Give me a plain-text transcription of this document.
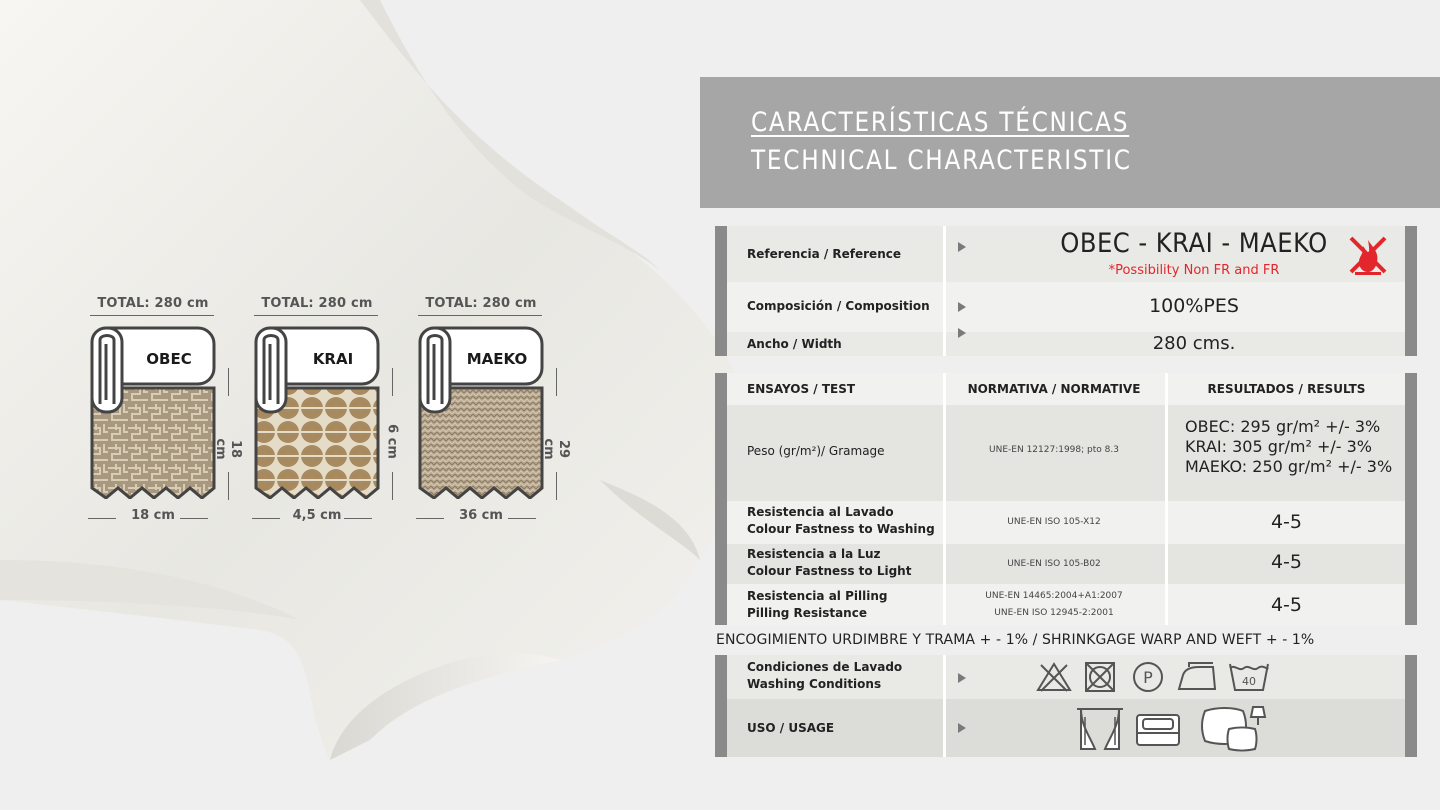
TOTAL: 280 cm
OBEC
18 cm
18 cm
TOTAL: 280 cm
KRAI
4,5 cm
6 cm
TOTAL: 280 cm
MAEKO
36 cm
29 cm
CARACTERÍSTICAS TÉCNICAS
TECHNICAL CHARACTERISTIC
Referencia / Reference	OBEC - KRAI - MAEKO
*Possibility Non FR and FR
Composición / Composition	100%PES
Ancho / Width	280 cms.
ENSAYOS / TEST	NORMATIVA / NORMATIVE	RESULTADOS / RESULTS
Peso (gr/m²)/ Gramage	UNE-EN 12127:1998; pto 8.3
OBEC: 295 gr/m² +/- 3%
KRAI: 305 gr/m² +/- 3%
MAEKO: 250 gr/m² +/- 3%
Resistencia al Lavado
Colour Fastness to Washing	UNE-EN ISO 105-X12	4-5
Resistencia a la Luz
Colour Fastness to Light	UNE-EN ISO 105-B02	4-5
Resistencia al Pilling
Pilling Resistance
UNE-EN 14465:2004+A1:2007
UNE-EN ISO 12945-2:2001	4-5
ENCOGIMIENTO URDIMBRE Y TRAMA + - 1% / SHRINKGAGE WARP AND WEFT + - 1%
Condiciones de Lavado
Washing Conditions	P	40
USO / USAGE
